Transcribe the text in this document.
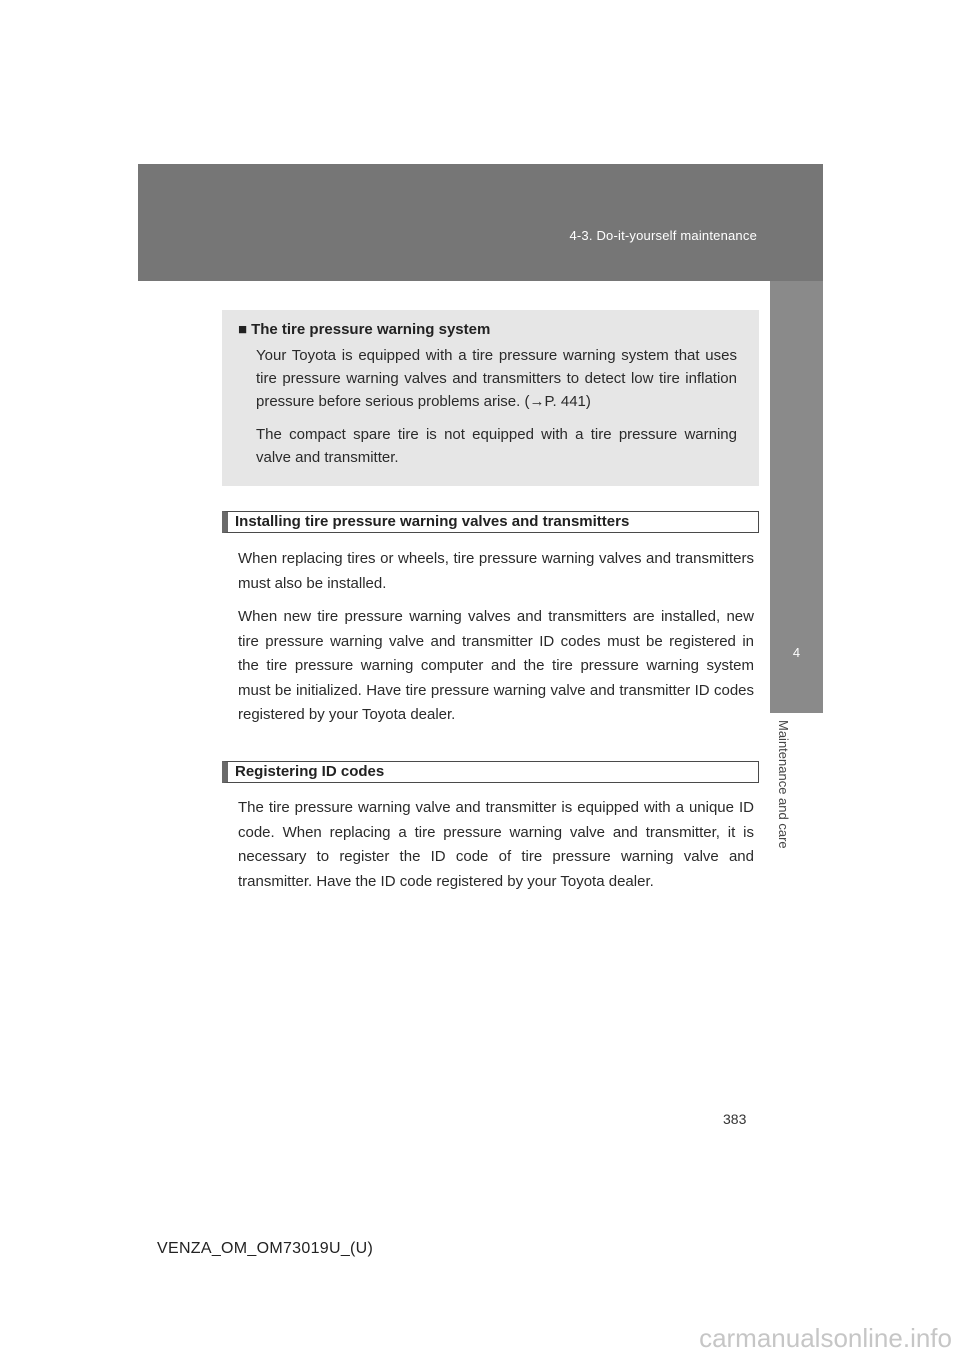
4-3. Do-it-yourself maintenance
4
Maintenance and care
■ The tire pressure warning system

Your Toyota is equipped with a tire pressure warning system that uses tire pressure warning valves and transmitters to detect low tire inflation pressure before serious problems arise. (→P. 441)

The compact spare tire is not equipped with a tire pressure warning valve and transmitter.

Installing tire pressure warning valves and transmitters

When replacing tires or wheels, tire pressure warning valves and transmitters must also be installed.

When new tire pressure warning valves and transmitters are installed, new tire pressure warning valve and transmitter ID codes must be registered in the tire pressure warning computer and the tire pressure warning system must be initialized. Have tire pressure warning valve and transmitter ID codes registered by your Toyota dealer.

Registering ID codes

The tire pressure warning valve and transmitter is equipped with a unique ID code. When replacing a tire pressure warning valve and transmitter, it is necessary to register the ID code of tire pressure warning valve and transmitter. Have the ID code registered by your Toyota dealer.

383
VENZA_OM_OM73019U_(U)
carmanualsonline.info
